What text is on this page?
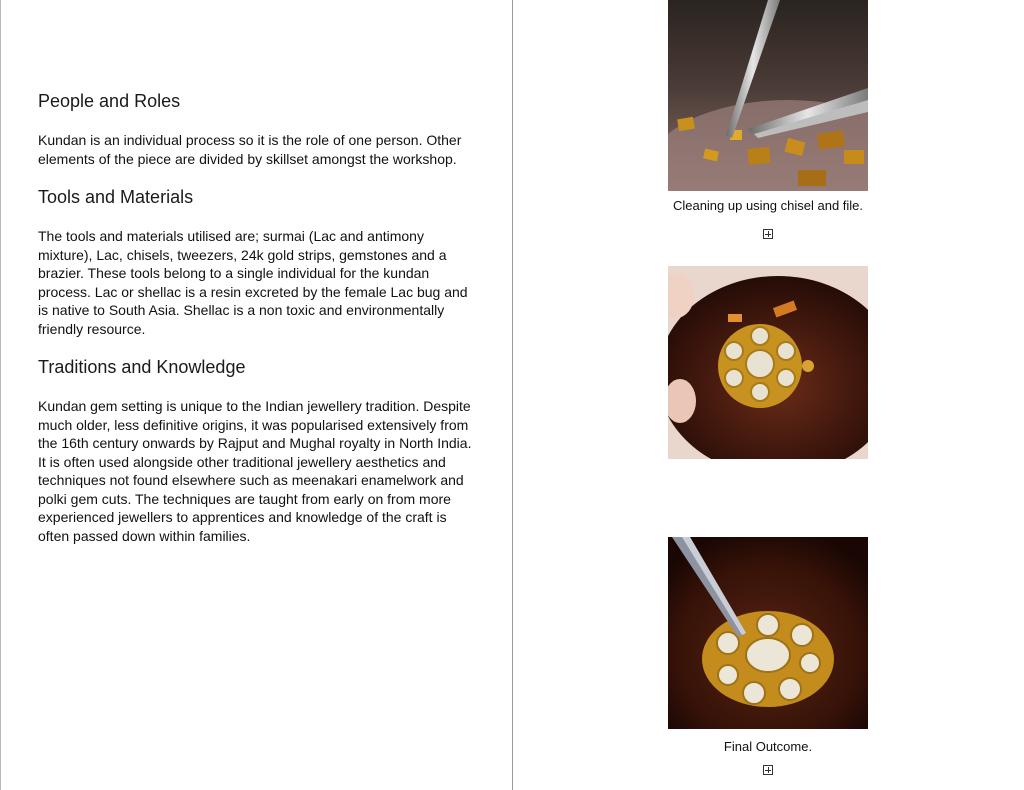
People and Roles

Kundan is an individual process so it is the role of one person. Other elements of the piece are divided by skillset amongst the workshop.

Tools and Materials

The tools and materials utilised are; surmai (Lac and antimony mixture), Lac, chisels, tweezers, 24k gold strips, gemstones and a brazier. These tools belong to a single individual for the kundan process. Lac or shellac is a resin excreted by the female Lac bug and is native to South Asia. Shellac is a non toxic and environmentally friendly resource.

Traditions and Knowledge

Kundan gem setting is unique to the Indian jewellery tradition. Despite much older, less definitive origins, it was popularised extensively from the 16th century onwards by Rajput and Mughal royalty in North India. It is often used alongside other traditional jewellery aesthetics and techniques not found elsewhere such as meenakari enamelwork and polki gem cuts. The techniques are taught from early on from more experienced jewellers to apprentices and knowledge of the craft is often passed down within families.

Cleaning up using chisel and file.
Final Outcome.
